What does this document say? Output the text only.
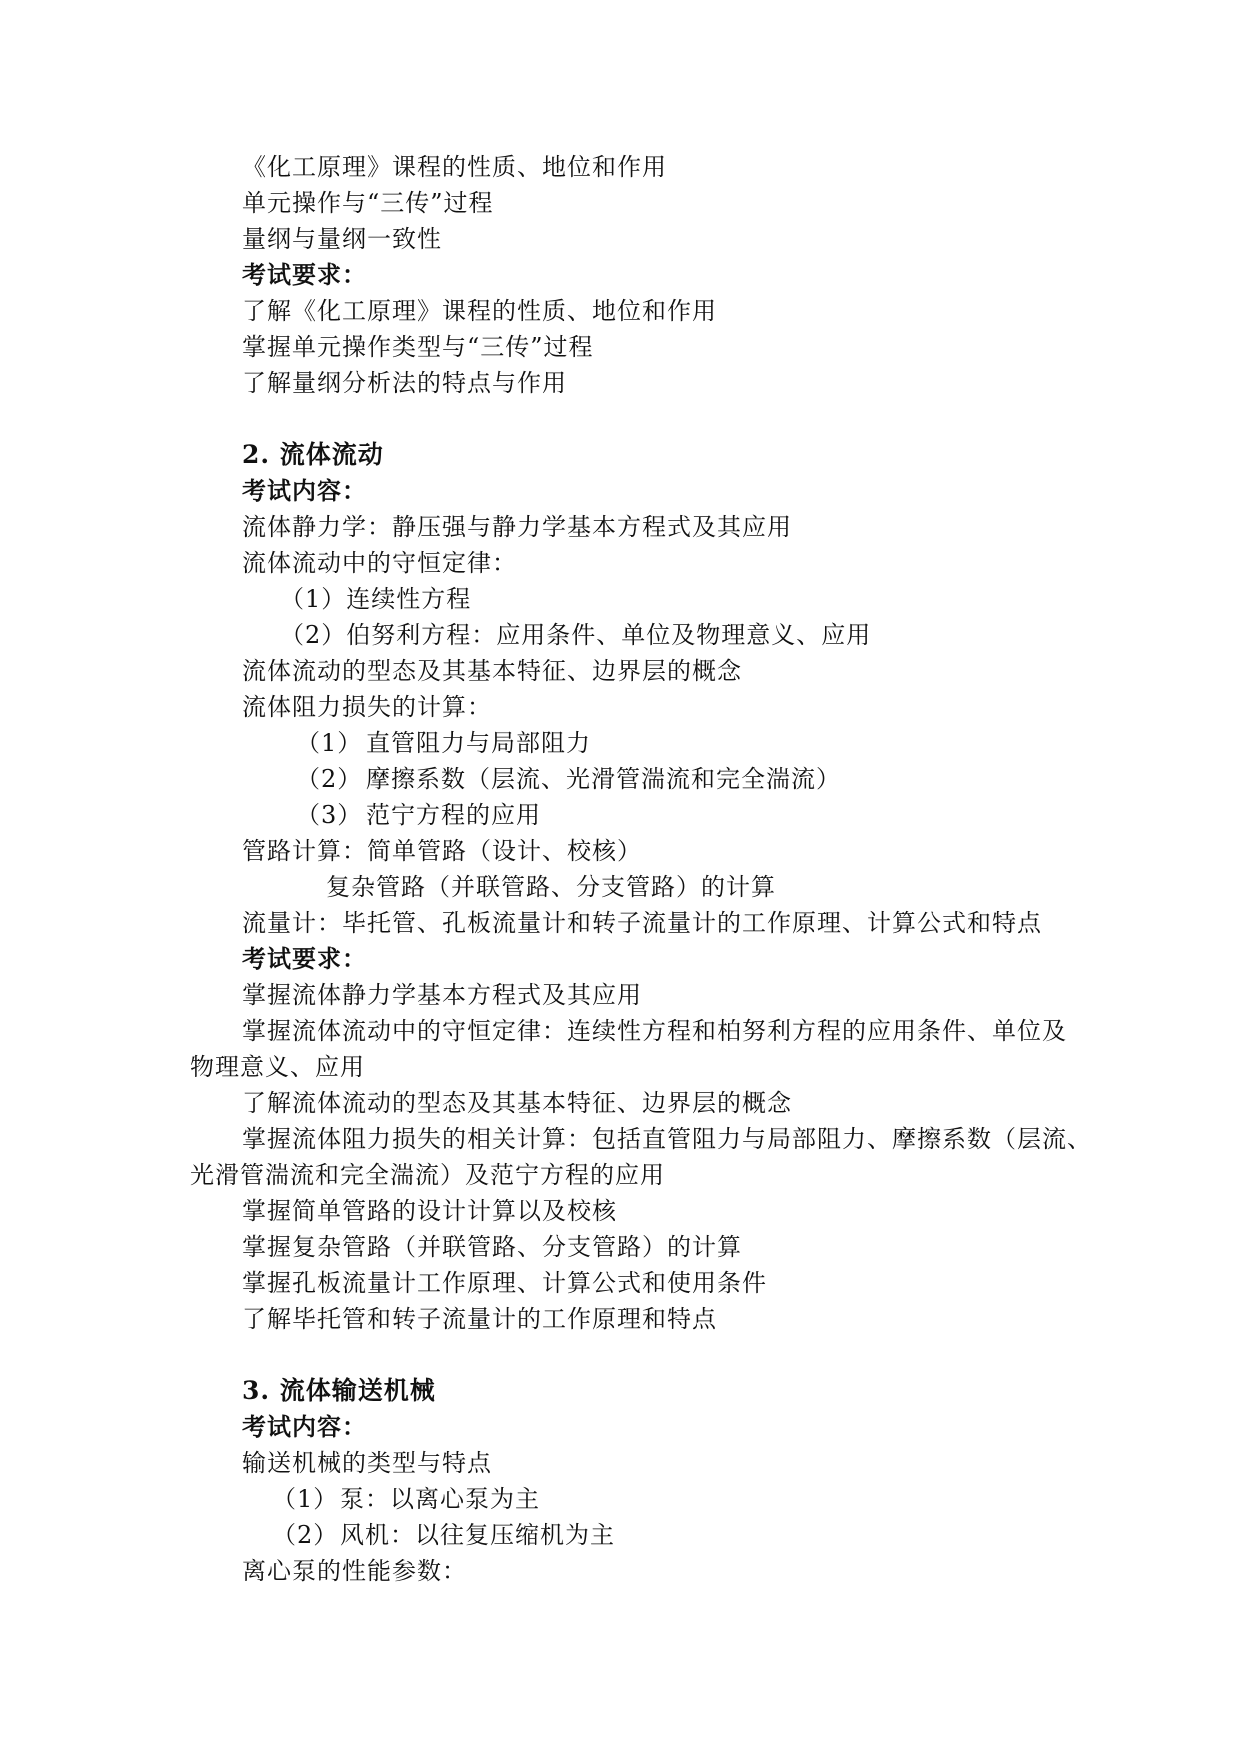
《化工原理》课程的性质、地位和作用
单元操作与“三传”过程
量纲与量纲一致性
考试要求：
了解《化工原理》课程的性质、地位和作用
掌握单元操作类型与“三传”过程
了解量纲分析法的特点与作用
2. 流体流动
考试内容：
流体静力学：静压强与静力学基本方程式及其应用
流体流动中的守恒定律：
（1）连续性方程
（2）伯努利方程：应用条件、单位及物理意义、应用
流体流动的型态及其基本特征、边界层的概念
流体阻力损失的计算：
（1） 直管阻力与局部阻力
（2） 摩擦系数（层流、光滑管湍流和完全湍流）
（3） 范宁方程的应用
管路计算：简单管路（设计、校核）
复杂管路（并联管路、分支管路）的计算
流量计：毕托管、孔板流量计和转子流量计的工作原理、计算公式和特点
考试要求：
掌握流体静力学基本方程式及其应用
掌握流体流动中的守恒定律：连续性方程和柏努利方程的应用条件、单位及
物理意义、应用
了解流体流动的型态及其基本特征、边界层的概念
掌握流体阻力损失的相关计算：包括直管阻力与局部阻力、摩擦系数（层流、
光滑管湍流和完全湍流）及范宁方程的应用
掌握简单管路的设计计算以及校核
掌握复杂管路（并联管路、分支管路）的计算
掌握孔板流量计工作原理、计算公式和使用条件
了解毕托管和转子流量计的工作原理和特点
3. 流体输送机械
考试内容：
输送机械的类型与特点
（1） 泵：以离心泵为主
（2） 风机：以往复压缩机为主
离心泵的性能参数：
